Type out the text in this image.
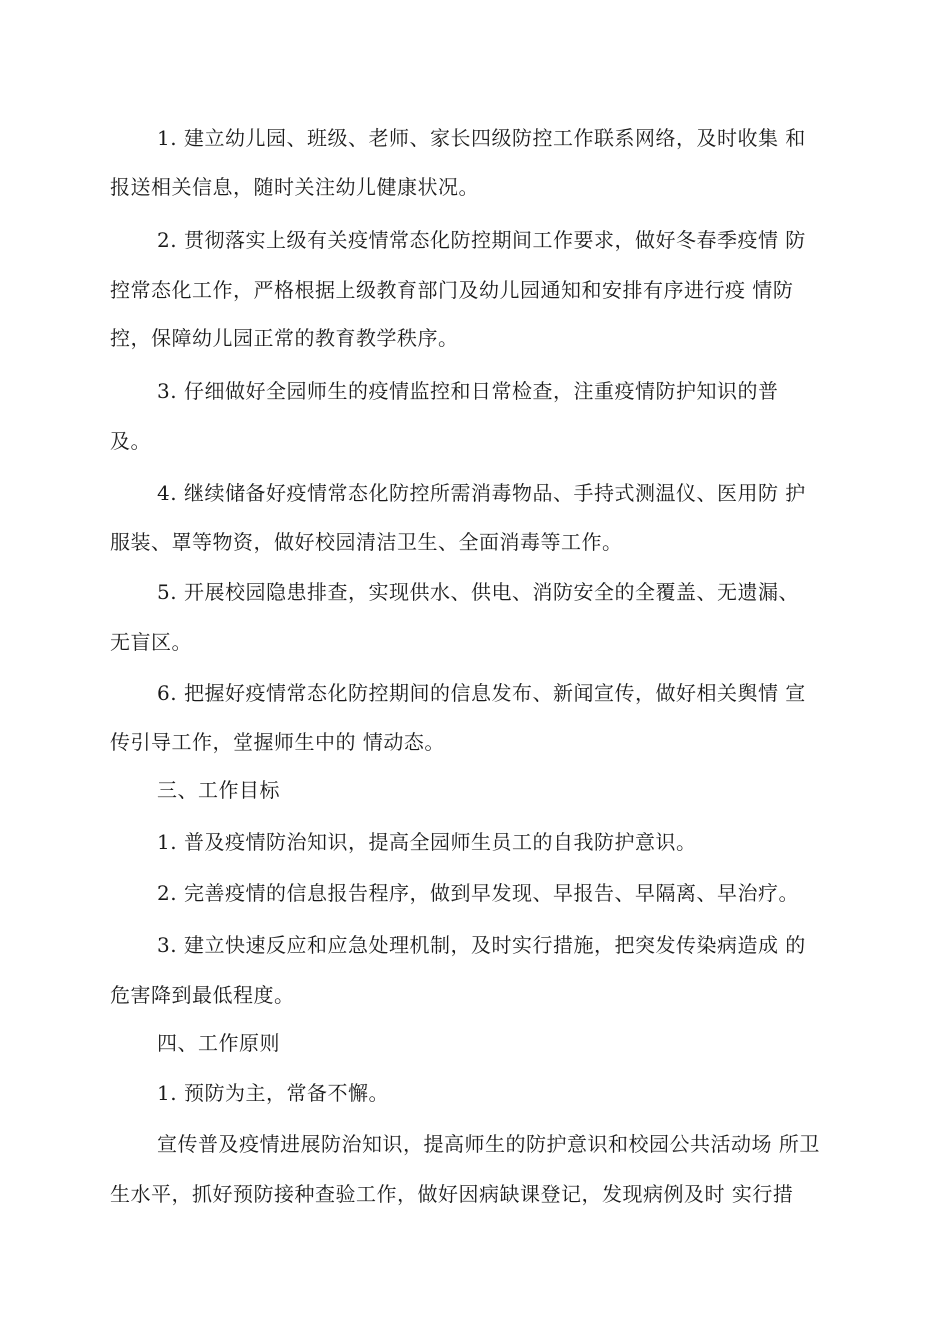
1. 建立幼儿园、班级、老师、家长四级防控工作联系网络，及时收集 和
报送相关信息，随时关注幼儿健康状况。
2. 贯彻落实上级有关疫情常态化防控期间工作要求，做好冬春季疫情 防
控常态化工作，严格根据上级教育部门及幼儿园通知和安排有序进行疫 情防
控，保障幼儿园正常的教育教学秩序。
3. 仔细做好全园师生的疫情监控和日常检查，注重疫情防护知识的普
及。
4. 继续储备好疫情常态化防控所需消毒物品、手持式测温仪、医用防 护
服装、罩等物资，做好校园清洁卫生、全面消毒等工作。
5. 开展校园隐患排查，实现供水、供电、消防安全的全覆盖、无遗漏、
无盲区。
6. 把握好疫情常态化防控期间的信息发布、新闻宣传，做好相关舆情 宣
传引导工作，堂握师生中的 情动态。
三、工作目标
1. 普及疫情防治知识，提高全园师生员工的自我防护意识。
2. 完善疫情的信息报告程序，做到早发现、早报告、早隔离、早治疗。
3. 建立快速反应和应急处理机制，及时实行措施，把突发传染病造成 的
危害降到最低程度。
四、工作原则
1. 预防为主，常备不懈。
宣传普及疫情进展防治知识，提高师生的防护意识和校园公共活动场 所卫
生水平，抓好预防接种查验工作，做好因病缺课登记，发现病例及时 实行措
